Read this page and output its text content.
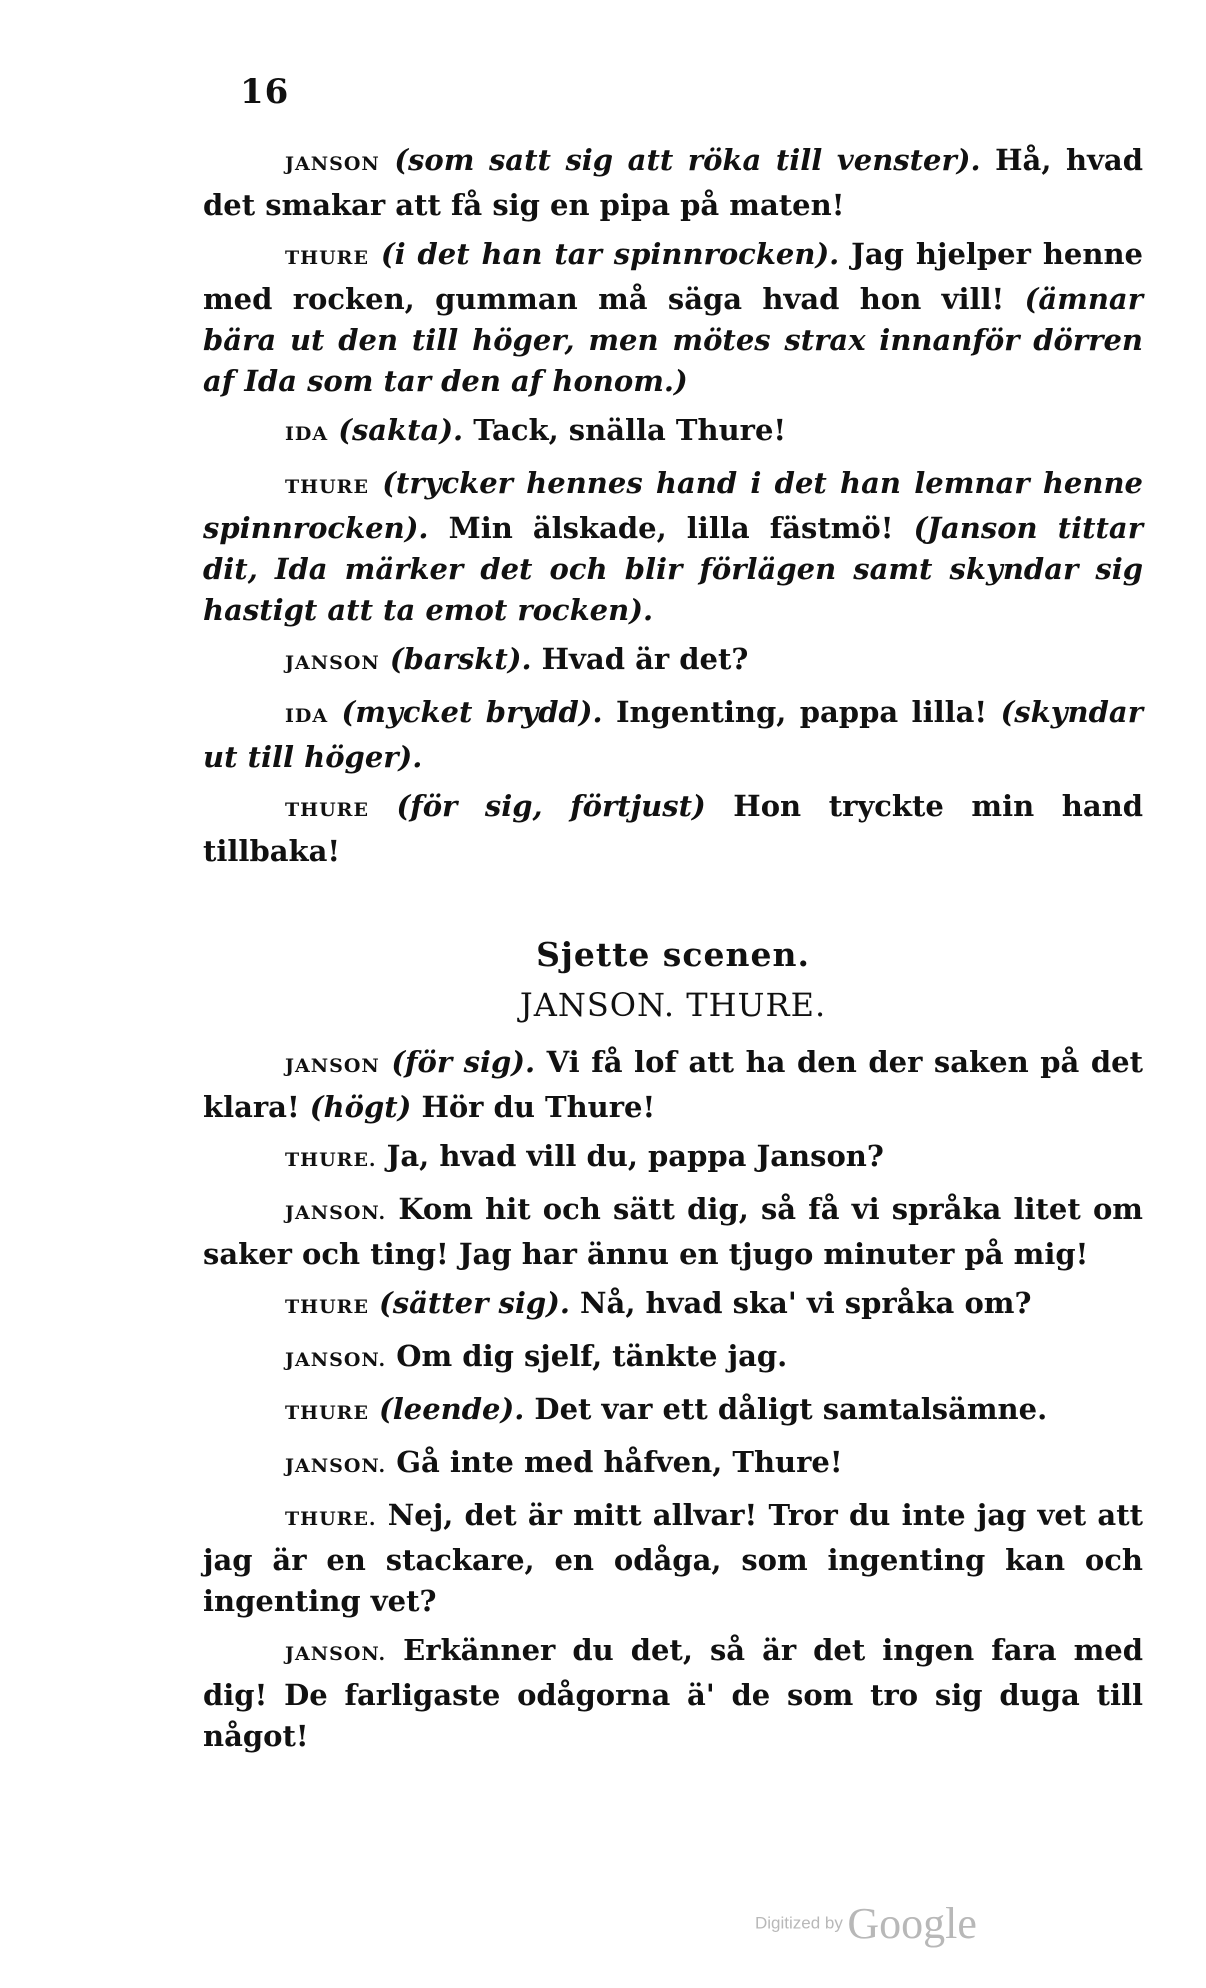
16

JANSON (som satt sig att röka till venster). Hå, hvad det smakar att få sig en pipa på maten!

THURE (i det han tar spinnrocken). Jag hjelper henne med rocken, gumman må säga hvad hon vill! (ämnar bära ut den till höger, men mötes strax innanför dörren af Ida som tar den af honom.)

IDA (sakta). Tack, snälla Thure!

THURE (trycker hennes hand i det han lemnar henne spinnrocken). Min älskade, lilla fästmö! (Janson tittar dit, Ida märker det och blir förlägen samt skyndar sig hastigt att ta emot rocken).

JANSON (barskt). Hvad är det?

IDA (mycket brydd). Ingenting, pappa lilla! (skyndar ut till höger).

THURE (för sig, förtjust) Hon tryckte min hand tillbaka!

Sjette scenen.
JANSON. THURE.

JANSON (för sig). Vi få lof att ha den der saken på det klara! (högt) Hör du Thure!

THURE. Ja, hvad vill du, pappa Janson?

JANSON. Kom hit och sätt dig, så få vi språka litet om saker och ting! Jag har ännu en tjugo minuter på mig!

THURE (sätter sig). Nå, hvad ska' vi språka om?

JANSON. Om dig sjelf, tänkte jag.

THURE (leende). Det var ett dåligt samtalsämne.

JANSON. Gå inte med håfven, Thure!

THURE. Nej, det är mitt allvar! Tror du inte jag vet att jag är en stackare, en odåga, som ingenting kan och ingenting vet?

JANSON. Erkänner du det, så är det ingen fara med dig! De farligaste odågorna ä' de som tro sig duga till något!

Digitized by Google
